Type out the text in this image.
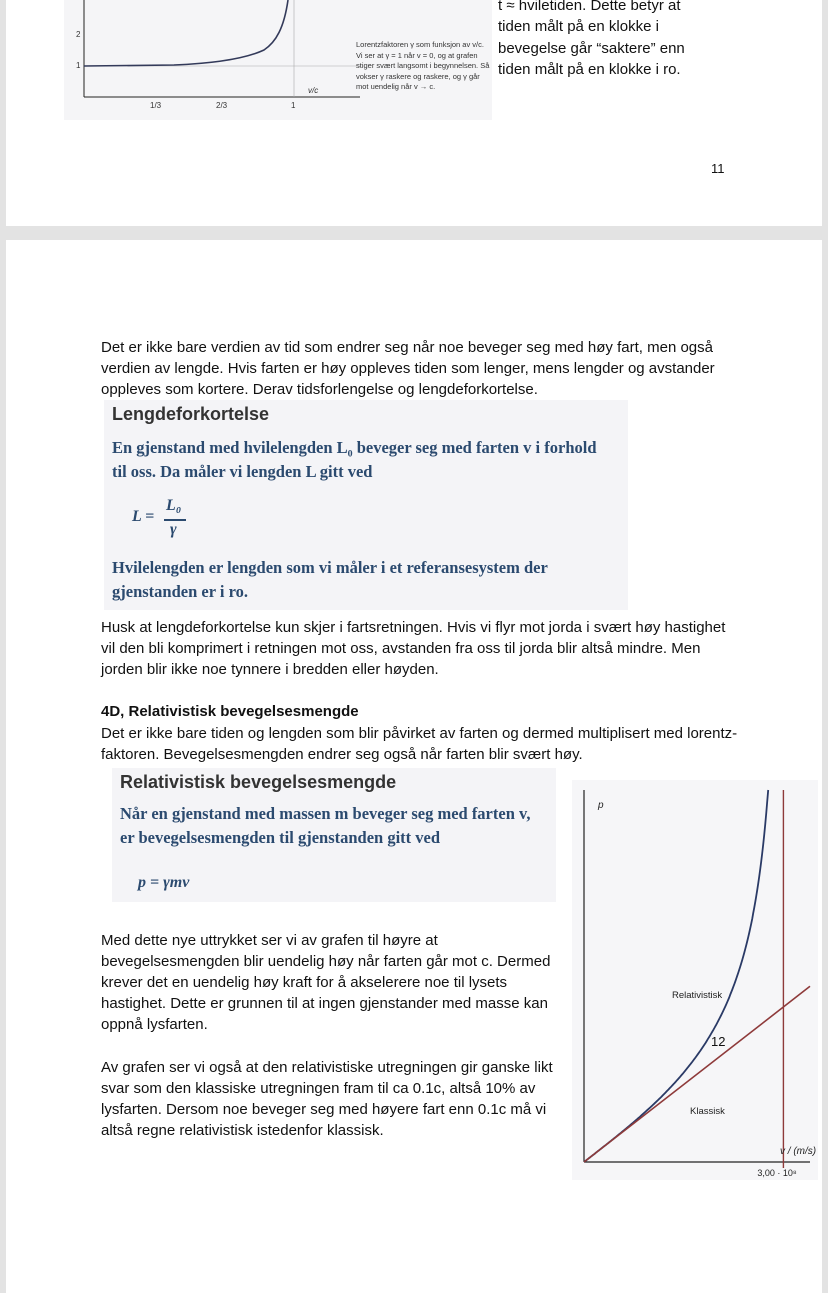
2
1
1/3	2/3	1
v/c
Lorentzfaktoren γ som funksjon av v/c. Vi ser at γ = 1 når v = 0, og at grafen stiger svært langsomt i begynnelsen. Så vokser γ raskere og raskere, og γ går mot uendelig når v → c.
t ≈ hviletiden. Dette betyr at
tiden målt på en klokke i
bevegelse går “saktere” enn
tiden målt på en klokke i ro.
11

Det er ikke bare verdien av tid som endrer seg når noe beveger seg med høy fart, men også verdien av lengde. Hvis farten er høy oppleves tiden som lenger, mens lengder og avstander oppleves som kortere. Derav tidsforlengelse og lengdeforkortelse.

Lengdeforkortelse
En gjenstand med hvilelengden L₀ beveger seg med farten v i forhold
til oss. Da måler vi lengden L gitt ved
L =
L₀
γ
Hvilelengden er lengden som vi måler i et referansesystem der
gjenstanden er i ro.

Husk at lengdeforkortelse kun skjer i fartsretningen. Hvis vi flyr mot jorda i svært høy hastighet vil den bli komprimert i retningen mot oss, avstanden fra oss til jorda blir altså mindre. Men jorden blir ikke noe tynnere i bredden eller høyden.

4D, Relativistisk bevegelsesmengde

Det er ikke bare tiden og lengden som blir påvirket av farten og dermed multiplisert med lorentz-faktoren. Bevegelsesmengden endrer seg også når farten blir svært høy.

Relativistisk bevegelsesmengde
Når en gjenstand med massen m beveger seg med farten v,
er bevegelsesmengden til gjenstanden gitt ved
p = γmv

Med dette nye uttrykket ser vi av grafen til høyre at bevegelsesmengden blir uendelig høy når farten går mot c. Dermed krever det en uendelig høy kraft for å akselerere noe til lysets hastighet. Dette er grunnen til at ingen gjenstander med masse kan oppnå lysfarten.

Av grafen ser vi også at den relativistiske utregningen gir ganske likt svar som den klassiske utregningen fram til ca 0.1c, altså 10% av lysfarten. Dersom noe beveger seg med høyere fart enn 0.1c må vi altså regne relativistisk istedenfor klassisk.

p
v / (m/s)
3,00 · 10⁸
Relativistisk
Klassisk
12
